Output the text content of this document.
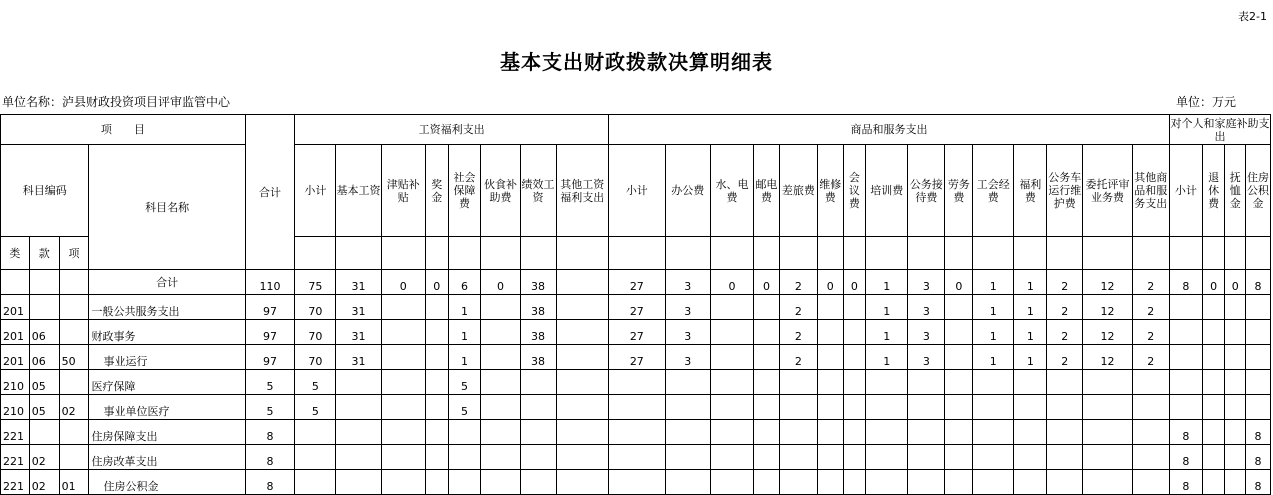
表2-1
基本支出财政拨款决算明细表
单位名称：泸县财政投资项目评审监管中心	单位：万元
项　　目				合计	工资福利支出								商品和服务支出															对个人和家庭补助支出			
科目编码			科目名称		小计	基本工资	津贴补贴	奖金	社会保障费	伙食补助费	绩效工资	其他工资福利支出	小计	办公费	水、电费	邮电费	差旅费	维修费	会议费	培训费	公务接待费	劳务费	工会经费	福利费	公务车运行维护费	委托评审业务费	其他商品和服务支出	小计	退休费	抚恤金	住房公积金
类	款	项																													
			合计	110	75	31	0	0	6	0	38		27	3	0	0	2	0	0	1	3	0	1	1	2	12	2	8	0	0	8
201			一般公共服务支出	97	70	31			1		38		27	3			2			1	3		1	1	2	12	2				
201	06		财政事务	97	70	31			1		38		27	3			2			1	3		1	1	2	12	2				
201	06	50	事业运行	97	70	31			1		38		27	3			2			1	3		1	1	2	12	2				
210	05		医疗保障	5	5				5																						
210	05	02	事业单位医疗	5	5				5																						
221			住房保障支出	8																								8			8
221	02		住房改革支出	8																								8			8
221	02	01	住房公积金	8																								8			8
